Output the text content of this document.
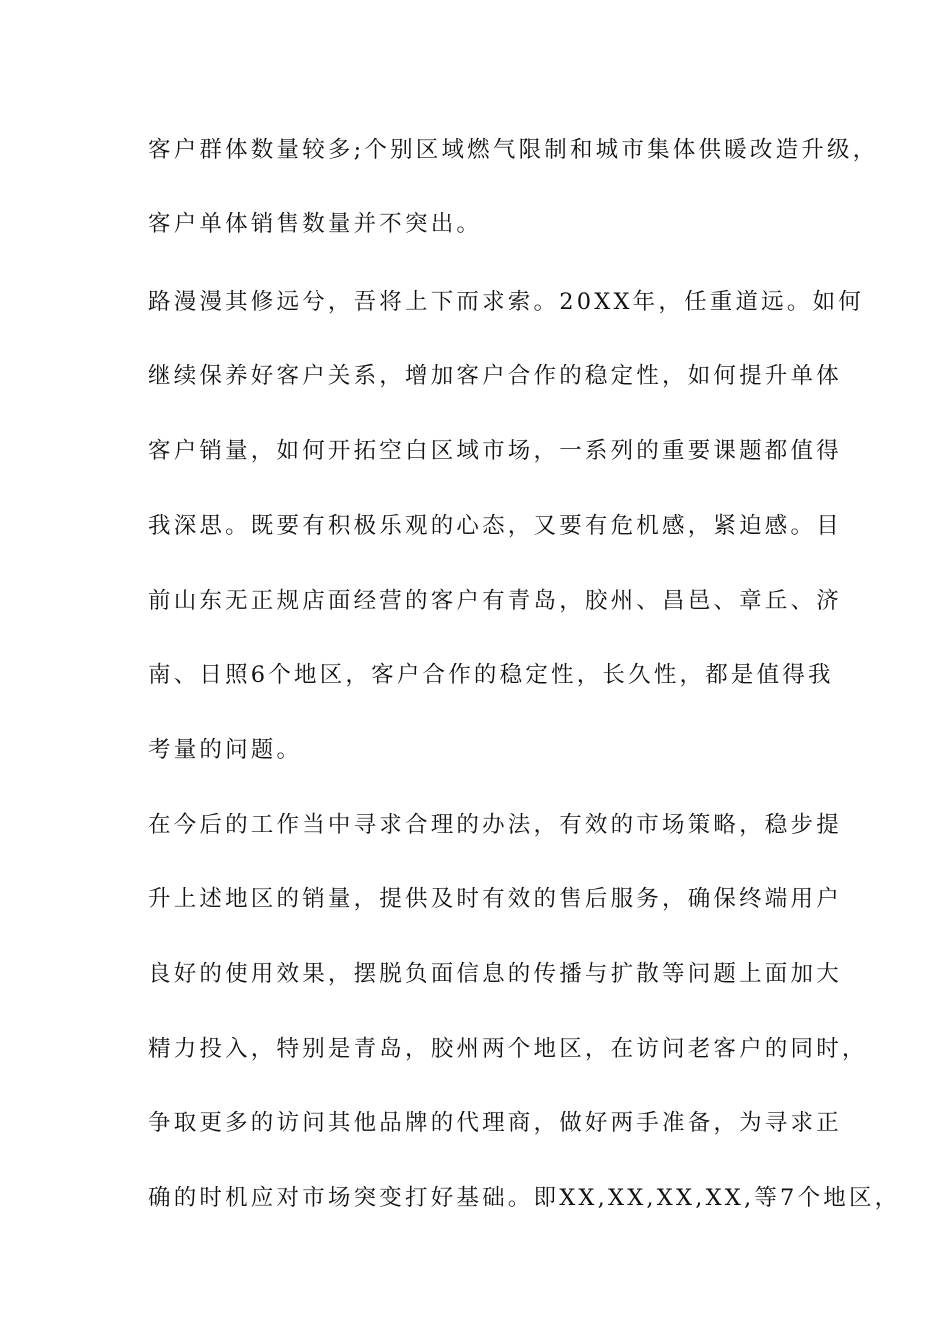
客户群体数量较多;个别区域燃气限制和城市集体供暖改造升级，
客户单体销售数量并不突出。
路漫漫其修远兮，吾将上下而求索。20XX年，任重道远。如何
继续保养好客户关系，增加客户合作的稳定性，如何提升单体
客户销量，如何开拓空白区域市场，一系列的重要课题都值得
我深思。既要有积极乐观的心态，又要有危机感，紧迫感。目
前山东无正规店面经营的客户有青岛，胶州、昌邑、章丘、济
南、日照6个地区，客户合作的稳定性，长久性，都是值得我
考量的问题。
在今后的工作当中寻求合理的办法，有效的市场策略，稳步提
升上述地区的销量，提供及时有效的售后服务，确保终端用户
良好的使用效果，摆脱负面信息的传播与扩散等问题上面加大
精力投入，特别是青岛，胶州两个地区，在访问老客户的同时，
争取更多的访问其他品牌的代理商，做好两手准备，为寻求正
确的时机应对市场突变打好基础。即XX,XX,XX,XX,等7个地区，
